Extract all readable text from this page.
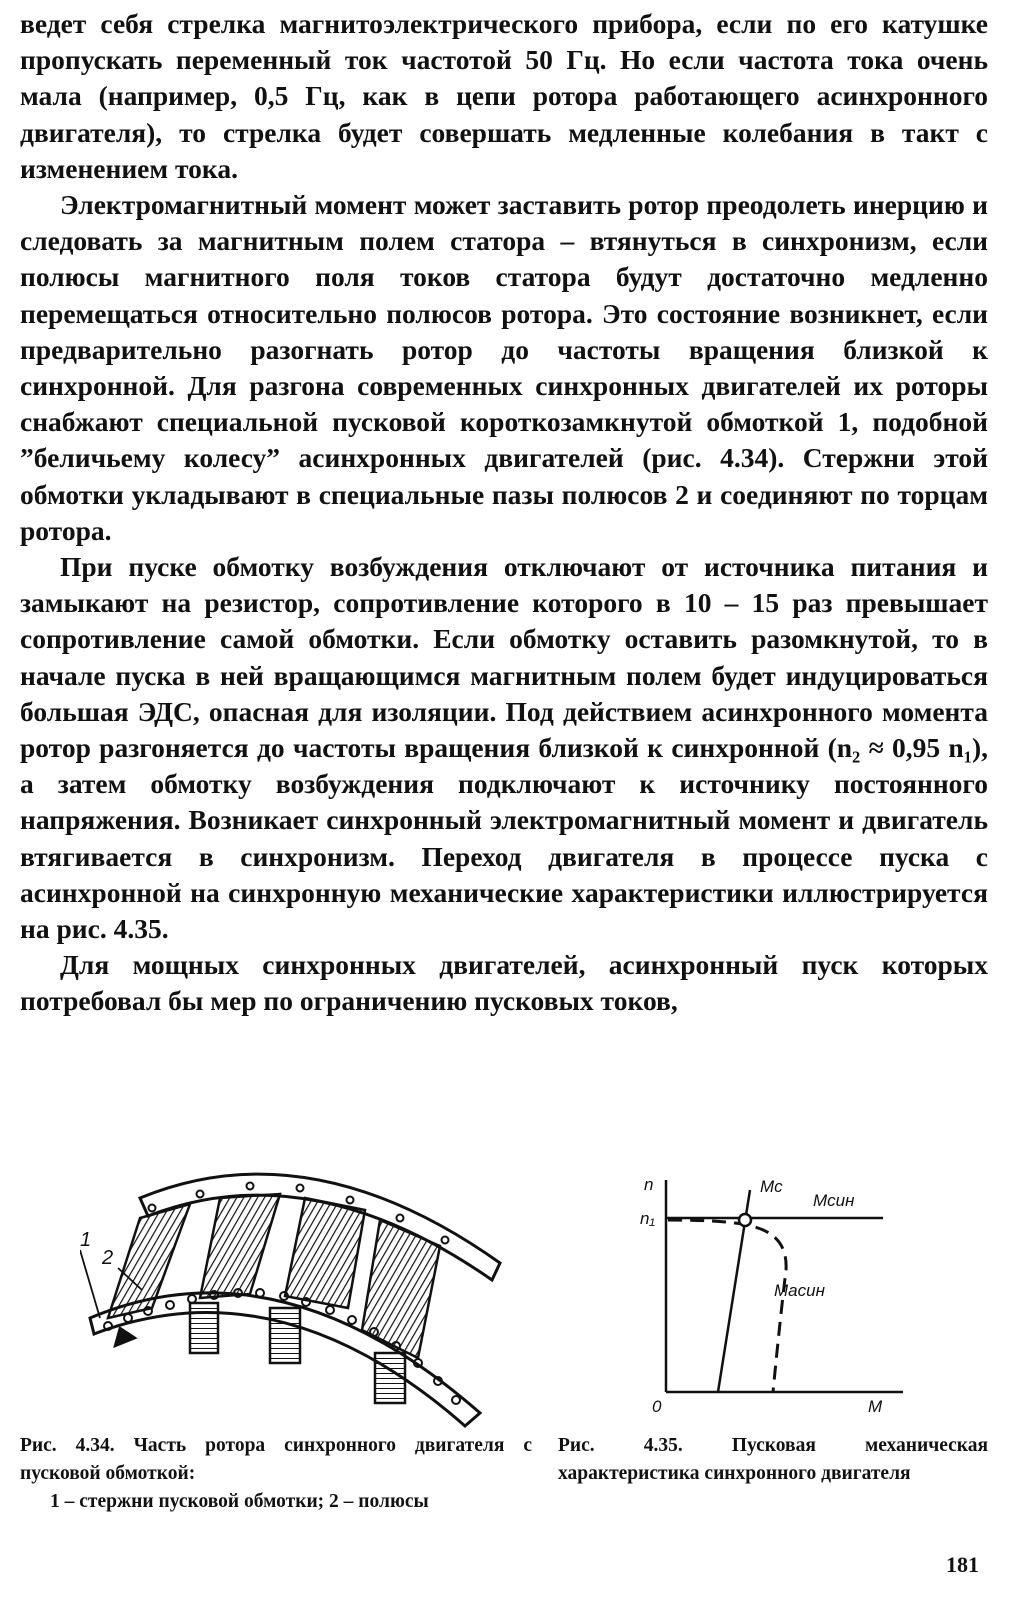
ведет себя стрелка магнитоэлектрического прибора, если по его катушке пропускать переменный ток частотой 50 Гц. Но если частота тока очень мала (например, 0,5 Гц, как в цепи ротора работающего асинхронного двигателя), то стрелка будет совершать медленные колебания в такт с изменением тока.

Электромагнитный момент может заставить ротор преодолеть инерцию и следовать за магнитным полем статора – втянуться в синхронизм, если полюсы магнитного поля токов статора будут достаточно медленно перемещаться относительно полюсов ротора. Это состояние возникнет, если предварительно разогнать ротор до частоты вращения близкой к синхронной. Для разгона современных синхронных двигателей их роторы снабжают специальной пусковой короткозамкнутой обмоткой 1, подобной ”беличьему колесу” асинхронных двигателей (рис. 4.34). Стержни этой обмотки укладывают в специальные пазы полюсов 2 и соединяют по торцам ротора.

При пуске обмотку возбуждения отключают от источника питания и замыкают на резистор, сопротивление которого в 10 – 15 раз превышает сопротивление самой обмотки. Если обмотку оставить разомкнутой, то в начале пуска в ней вращающимся магнитным полем будет индуцироваться большая ЭДС, опасная для изоляции. Под действием асинхронного момента ротор разгоняется до частоты вращения близкой к синхронной (n₂ ≈ 0,95 n₁), а затем обмотку возбуждения подключают к источнику постоянного напряжения. Возникает синхронный электромагнитный момент и двигатель втягивается в синхронизм. Переход двигателя в процессе пуска с асинхронной на синхронную механические характеристики иллюстрируется на рис. 4.35.

Для мощных синхронных двигателей, асинхронный пуск которых потребовал бы мер по ограничению пусковых токов,

2
1
n
n₁
0	M
Mс
Mсин
Mасин
Рис. 4.34. Часть ротора синхронного двигателя с пусковой обмоткой:
1 – стержни пусковой обмотки; 2 – полюсы
Рис. 4.35. Пусковая механическая характеристика синхронного двигателя
181
